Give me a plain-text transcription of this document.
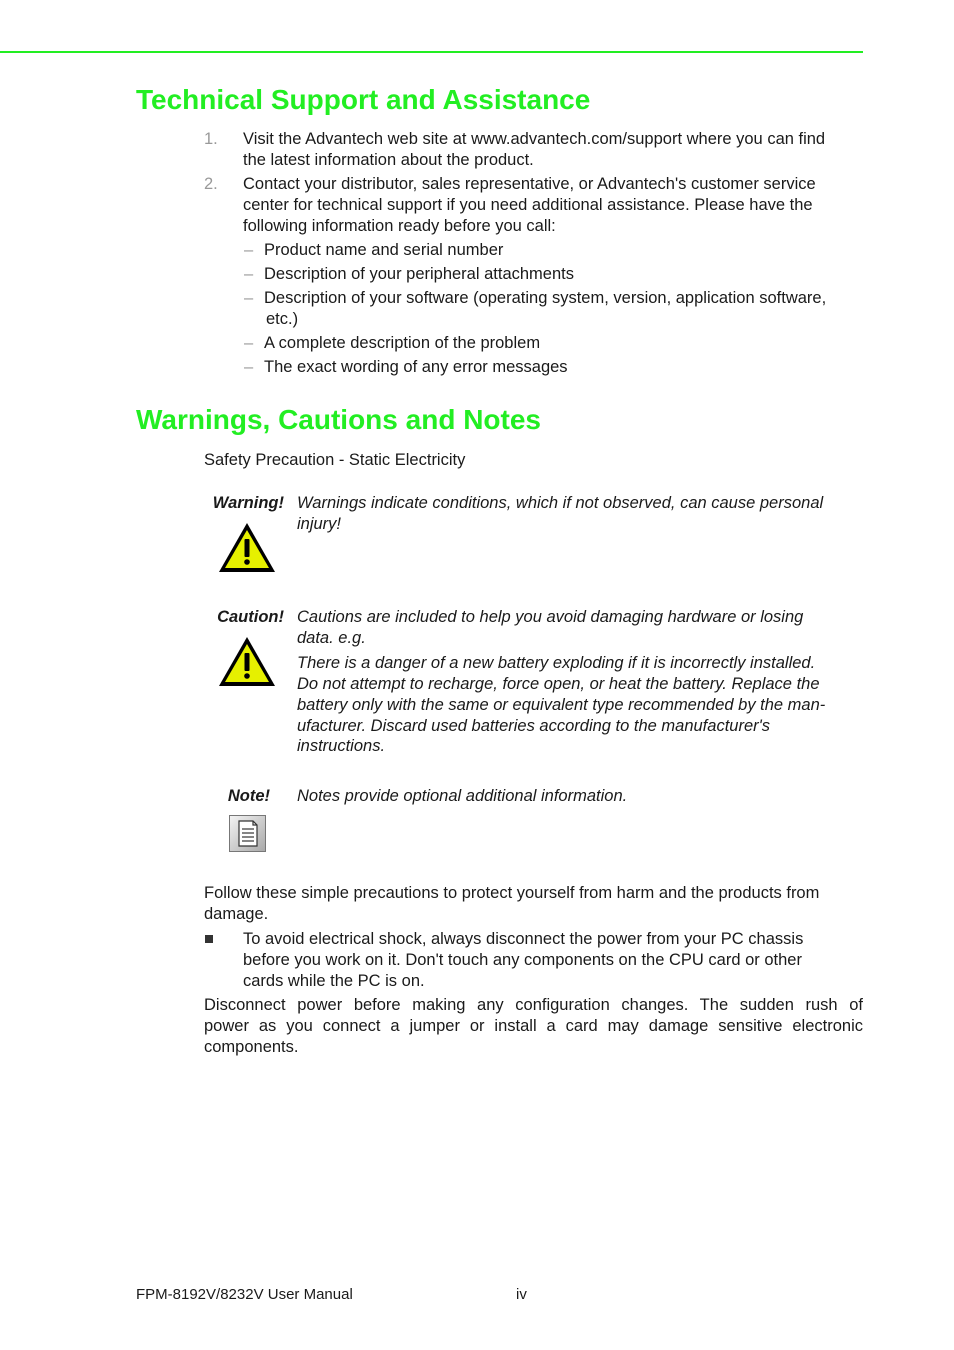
Technical Support and Assistance
1. Visit the Advantech web site at www.advantech.com/support where you can find
the latest information about the product.
2. Contact your distributor, sales representative, or Advantech's customer service
center for technical support if you need additional assistance. Please have the
following information ready before you call:
– Product name and serial number
– Description of your peripheral attachments
– Description of your software (operating system, version, application software,
etc.)
– A complete description of the problem
– The exact wording of any error messages
Warnings, Cautions and Notes
Safety Precaution - Static Electricity
Warning! Warnings indicate conditions, which if not observed, can cause personal
injury!
Caution! Cautions are included to help you avoid damaging hardware or losing
data. e.g.
There is a danger of a new battery exploding if it is incorrectly installed.
Do not attempt to recharge, force open, or heat the battery. Replace the
battery only with the same or equivalent type recommended by the man-
ufacturer. Discard used batteries according to the manufacturer's
instructions.
Note! Notes provide optional additional information.
Follow these simple precautions to protect yourself from harm and the products from
damage.
To avoid electrical shock, always disconnect the power from your PC chassis
before you work on it. Don't touch any components on the CPU card or other
cards while the PC is on.
Disconnect power before making any configuration changes. The sudden rush of
power as you connect a jumper or install a card may damage sensitive electronic
components.
FPM-8192V/8232V User Manual	iv
